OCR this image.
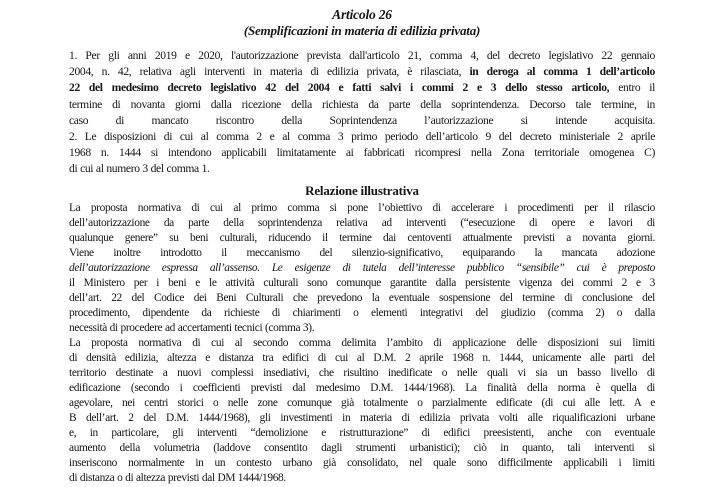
Articolo 26
(Semplificazioni in materia di edilizia privata)
1. Per gli anni 2019 e 2020, l'autorizzazione prevista dall'articolo 21, comma 4, del decreto legislativo 22 gennaio
2004, n. 42, relativa agli interventi in materia di edilizia privata, è rilasciata, in deroga al comma 1 dell’articolo
22 del medesimo decreto legislativo 42 del 2004 e fatti salvi i commi 2 e 3 dello stesso articolo, entro il
termine di novanta giorni dalla ricezione della richiesta da parte della soprintendenza. Decorso tale termine, in
caso di mancato riscontro della Soprintendenza l’autorizzazione si intende acquisita.
2. Le disposizioni di cui al comma 2 e al comma 3 primo periodo dell’articolo 9 del decreto ministeriale 2 aprile
1968 n. 1444 si intendono applicabili limitatamente ai fabbricati ricompresi nella Zona territoriale omogenea C)
di cui al numero 3 del comma 1.
Relazione illustrativa
La proposta normativa di cui al primo comma si pone l’obiettivo di accelerare i procedimenti per il rilascio
dell’autorizzazione da parte della soprintendenza relativa ad interventi (“esecuzione di opere e lavori di
qualunque genere” su beni culturali, riducendo il termine dai centoventi attualmente previsti a novanta giorni.
Viene inoltre introdotto il meccanismo del silenzio-significativo, equiparando la mancata adozione
dell’autorizzazione espressa all’assenso. Le esigenze di tutela dell’interesse pubblico “sensibile” cui è preposto
il Ministero per i beni e le attività culturali sono comunque garantite dalla persistente vigenza dei commi 2 e 3
dell’art. 22 del Codice dei Beni Culturali che prevedono la eventuale sospensione del termine di conclusione del
procedimento, dipendente da richieste di chiarimenti o elementi integrativi del giudizio (comma 2) o dalla
necessità di procedere ad accertamenti tecnici (comma 3).
La proposta normativa di cui al secondo comma delimita l’ambito di applicazione delle disposizioni sui limiti
di densità edilizia, altezza e distanza tra edifici di cui al D.M. 2 aprile 1968 n. 1444, unicamente alle parti del
territorio destinate a nuovi complessi insediativi, che risultino inedificate o nelle quali vi sia un basso livello di
edificazione (secondo i coefficienti previsti dal medesimo D.M. 1444/1968). La finalità della norma è quella di
agevolare, nei centri storici o nelle zone comunque già totalmente o parzialmente edificate (di cui alle lett. A e
B dell’art. 2 del D.M. 1444/1968), gli investimenti in materia di edilizia privata volti alle riqualificazioni urbane
e, in particolare, gli interventi “demolizione e ristrutturazione” di edifici preesistenti, anche con eventuale
aumento della volumetria (laddove consentito dagli strumenti urbanistici); ciò in quanto, tali interventi si
inseriscono normalmente in un contesto urbano già consolidato, nel quale sono difficilmente applicabili i limiti
di distanza o di altezza previsti dal DM 1444/1968.
